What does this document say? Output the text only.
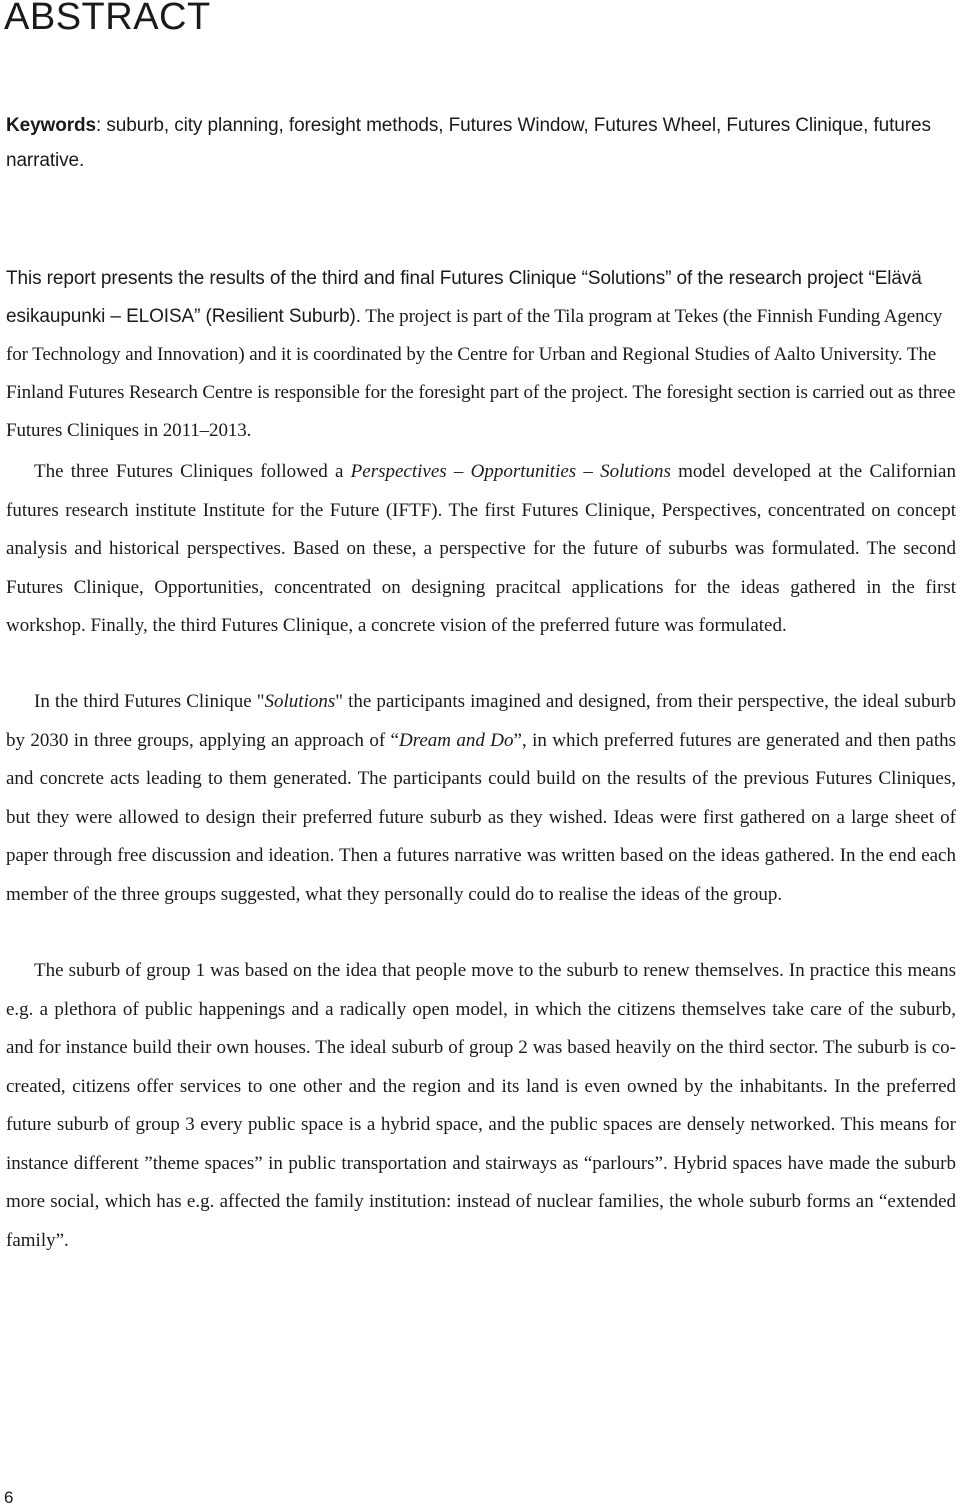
ABSTRACT

Keywords: suburb, city planning, foresight methods, Futures Window, Futures Wheel, Futures Clinique, futures narrative.

This report presents the results of the third and final Futures Clinique “Solutions” of the research project “Elävä esikaupunki – ELOISA” (Resilient Suburb). The project is part of the Tila program at Tekes (the Finnish Funding Agency for Technology and Innovation) and it is coordinated by the Centre for Urban and Regional Studies of Aalto University. The Finland Futures Research Centre is responsible for the foresight part of the project. The foresight section is carried out as three Futures Cliniques in 2011–2013.

The three Futures Cliniques followed a Perspectives – Opportunities – Solutions model developed at the Californian futures research institute Institute for the Future (IFTF). The first Futures Clinique, Perspectives, concentrated on concept analysis and historical perspectives. Based on these, a perspective for the future of suburbs was formulated. The second Futures Clinique, Opportunities, concentrated on designing pracitcal applications for the ideas gathered in the first workshop. Finally, the third Futures Clinique, a concrete vision of the preferred future was formulated.

In the third Futures Clinique "Solutions" the participants imagined and designed, from their perspective, the ideal suburb by 2030 in three groups, applying an approach of “Dream and Do”, in which preferred futures are generated and then paths and concrete acts leading to them generated. The participants could build on the results of the previous Futures Cliniques, but they were allowed to design their preferred future suburb as they wished. Ideas were first gathered on a large sheet of paper through free discussion and ideation. Then a futures narrative was written based on the ideas gathered. In the end each member of the three groups suggested, what they personally could do to realise the ideas of the group.

The suburb of group 1 was based on the idea that people move to the suburb to renew themselves. In practice this means e.g. a plethora of public happenings and a radically open model, in which the citizens themselves take care of the suburb, and for instance build their own houses. The ideal suburb of group 2 was based heavily on the third sector. The suburb is co-created, citizens offer services to one other and the region and its land is even owned by the inhabitants. In the preferred future suburb of group 3 every public space is a hybrid space, and the public spaces are densely networked. This means for instance different ”theme spaces” in public transportation and stairways as “parlours”. Hybrid spaces have made the suburb more social, which has e.g. affected the family institution: instead of nuclear families, the whole suburb forms an “extended family”.

6
